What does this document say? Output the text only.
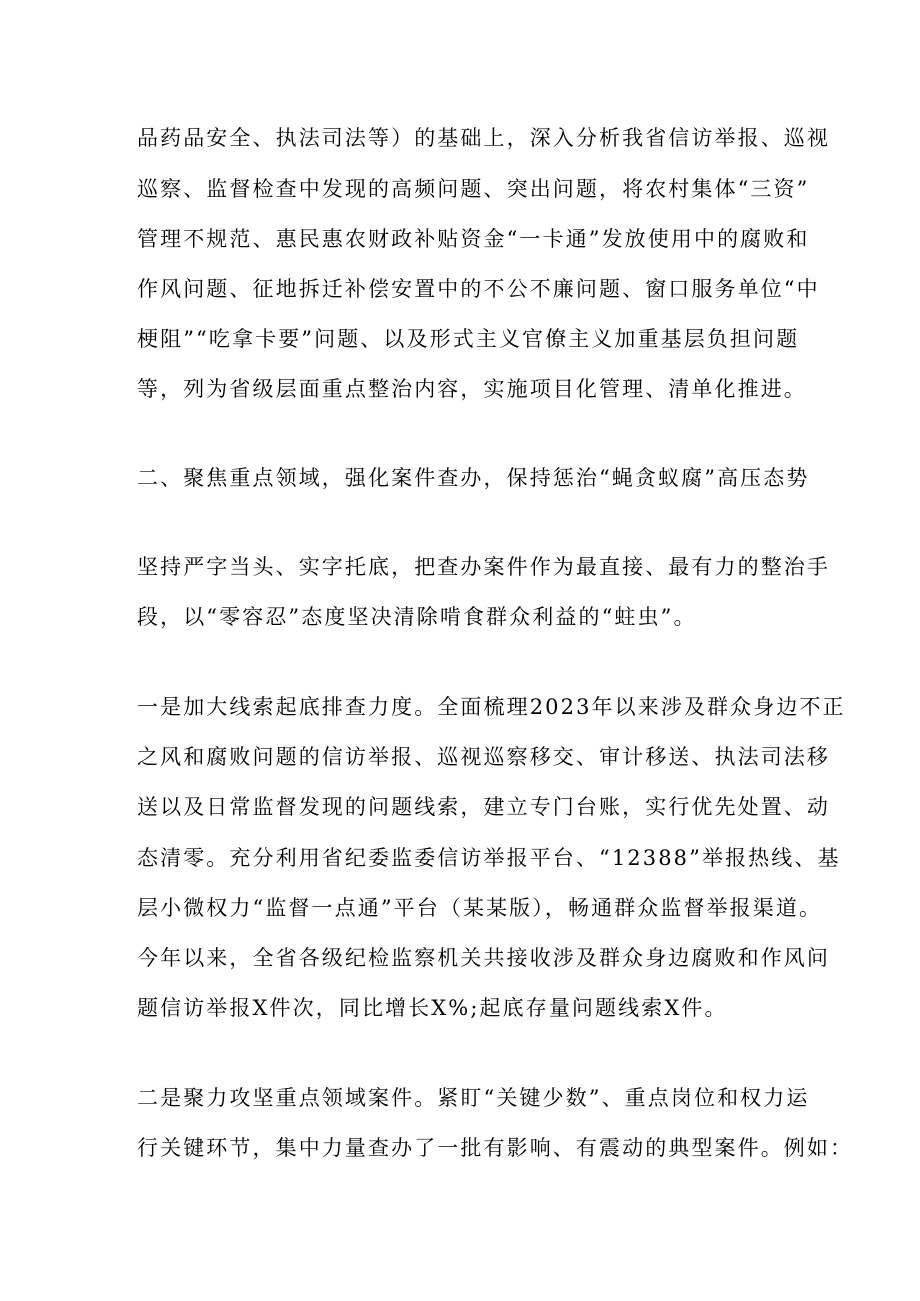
品药品安全、执法司法等）的基础上，深入分析我省信访举报、巡视
巡察、监督检查中发现的高频问题、突出问题，将农村集体“三资”
管理不规范、惠民惠农财政补贴资金“一卡通”发放使用中的腐败和
作风问题、征地拆迁补偿安置中的不公不廉问题、窗口服务单位“中
梗阻”“吃拿卡要”问题、以及形式主义官僚主义加重基层负担问题
等，列为省级层面重点整治内容，实施项目化管理、清单化推进。
二、聚焦重点领域，强化案件查办，保持惩治“蝇贪蚁腐”高压态势
坚持严字当头、实字托底，把查办案件作为最直接、最有力的整治手
段，以“零容忍”态度坚决清除啃食群众利益的“蛀虫”。
一是加大线索起底排查力度。全面梳理2023年以来涉及群众身边不正
之风和腐败问题的信访举报、巡视巡察移交、审计移送、执法司法移
送以及日常监督发现的问题线索，建立专门台账，实行优先处置、动
态清零。充分利用省纪委监委信访举报平台、“12388”举报热线、基
层小微权力“监督一点通”平台（某某版），畅通群众监督举报渠道。
今年以来，全省各级纪检监察机关共接收涉及群众身边腐败和作风问
题信访举报X件次，同比增长X%;起底存量问题线索X件。
二是聚力攻坚重点领域案件。紧盯“关键少数”、重点岗位和权力运
行关键环节，集中力量查办了一批有影响、有震动的典型案件。例如：
